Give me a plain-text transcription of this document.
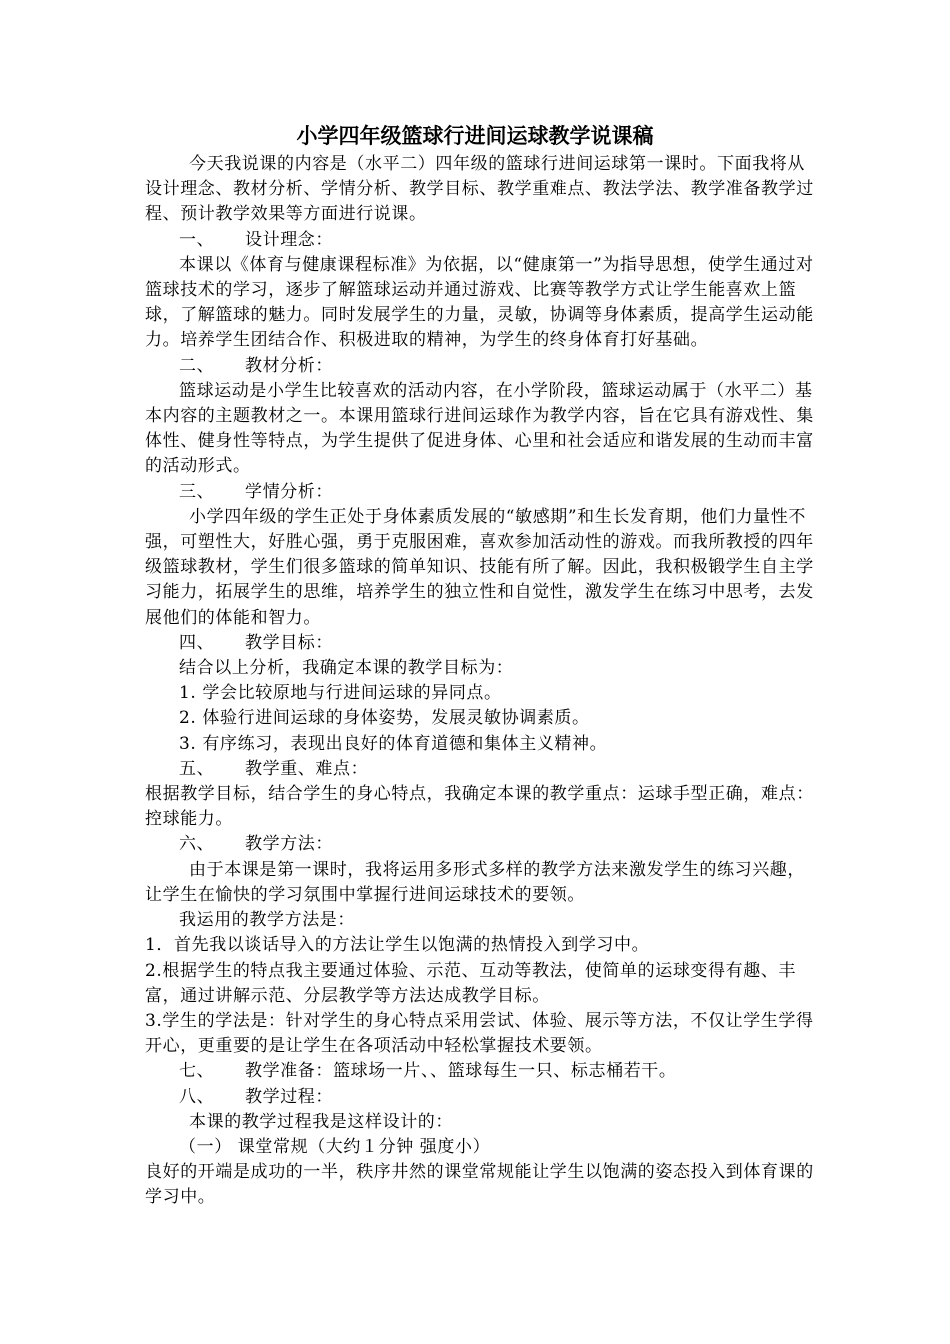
小学四年级篮球行进间运球教学说课稿

今天我说课的内容是（水平二）四年级的篮球行进间运球第一课时。下面我将从设计理念、教材分析、学情分析、教学目标、教学重难点、教法学法、教学准备教学过程、预计教学效果等方面进行说课。

一、 设计理念：

本课以《体育与健康课程标准》为依据，以“健康第一”为指导思想，使学生通过对篮球技术的学习，逐步了解篮球运动并通过游戏、比赛等教学方式让学生能喜欢上篮球，了解篮球的魅力。同时发展学生的力量，灵敏，协调等身体素质，提高学生运动能力。培养学生团结合作、积极进取的精神，为学生的终身体育打好基础。

二、 教材分析：

篮球运动是小学生比较喜欢的活动内容，在小学阶段，篮球运动属于（水平二）基本内容的主题教材之一。本课用篮球行进间运球作为教学内容，旨在它具有游戏性、集体性、健身性等特点，为学生提供了促进身体、心里和社会适应和谐发展的生动而丰富的活动形式。

三、 学情分析：

小学四年级的学生正处于身体素质发展的“敏感期”和生长发育期，他们力量性不强，可塑性大，好胜心强，勇于克服困难，喜欢参加活动性的游戏。而我所教授的四年级篮球教材，学生们很多篮球的简单知识、技能有所了解。因此，我积极锻学生自主学习能力，拓展学生的思维，培养学生的独立性和自觉性，激发学生在练习中思考，去发展他们的体能和智力。

四、 教学目标：

结合以上分析，我确定本课的教学目标为：

1. 学会比较原地与行进间运球的异同点。

2. 体验行进间运球的身体姿势，发展灵敏协调素质。

3. 有序练习，表现出良好的体育道德和集体主义精神。

五、 教学重、难点：

根据教学目标，结合学生的身心特点，我确定本课的教学重点：运球手型正确，难点：控球能力。

六、 教学方法：

由于本课是第一课时，我将运用多形式多样的教学方法来激发学生的练习兴趣，让学生在愉快的学习氛围中掌握行进间运球技术的要领。

我运用的教学方法是：

1．首先我以谈话导入的方法让学生以饱满的热情投入到学习中。

2.根据学生的特点我主要通过体验、示范、互动等教法，使简单的运球变得有趣、丰富，通过讲解示范、分层教学等方法达成教学目标。

3.学生的学法是：针对学生的身心特点采用尝试、体验、展示等方法，不仅让学生学得开心，更重要的是让学生在各项活动中轻松掌握技术要领。

七、 教学准备：篮球场一片、、篮球每生一只、标志桶若干。

八、 教学过程：

本课的教学过程我是这样设计的：

（一） 课堂常规（大约１分钟 强度小）

良好的开端是成功的一半，秩序井然的课堂常规能让学生以饱满的姿态投入到体育课的学习中。
